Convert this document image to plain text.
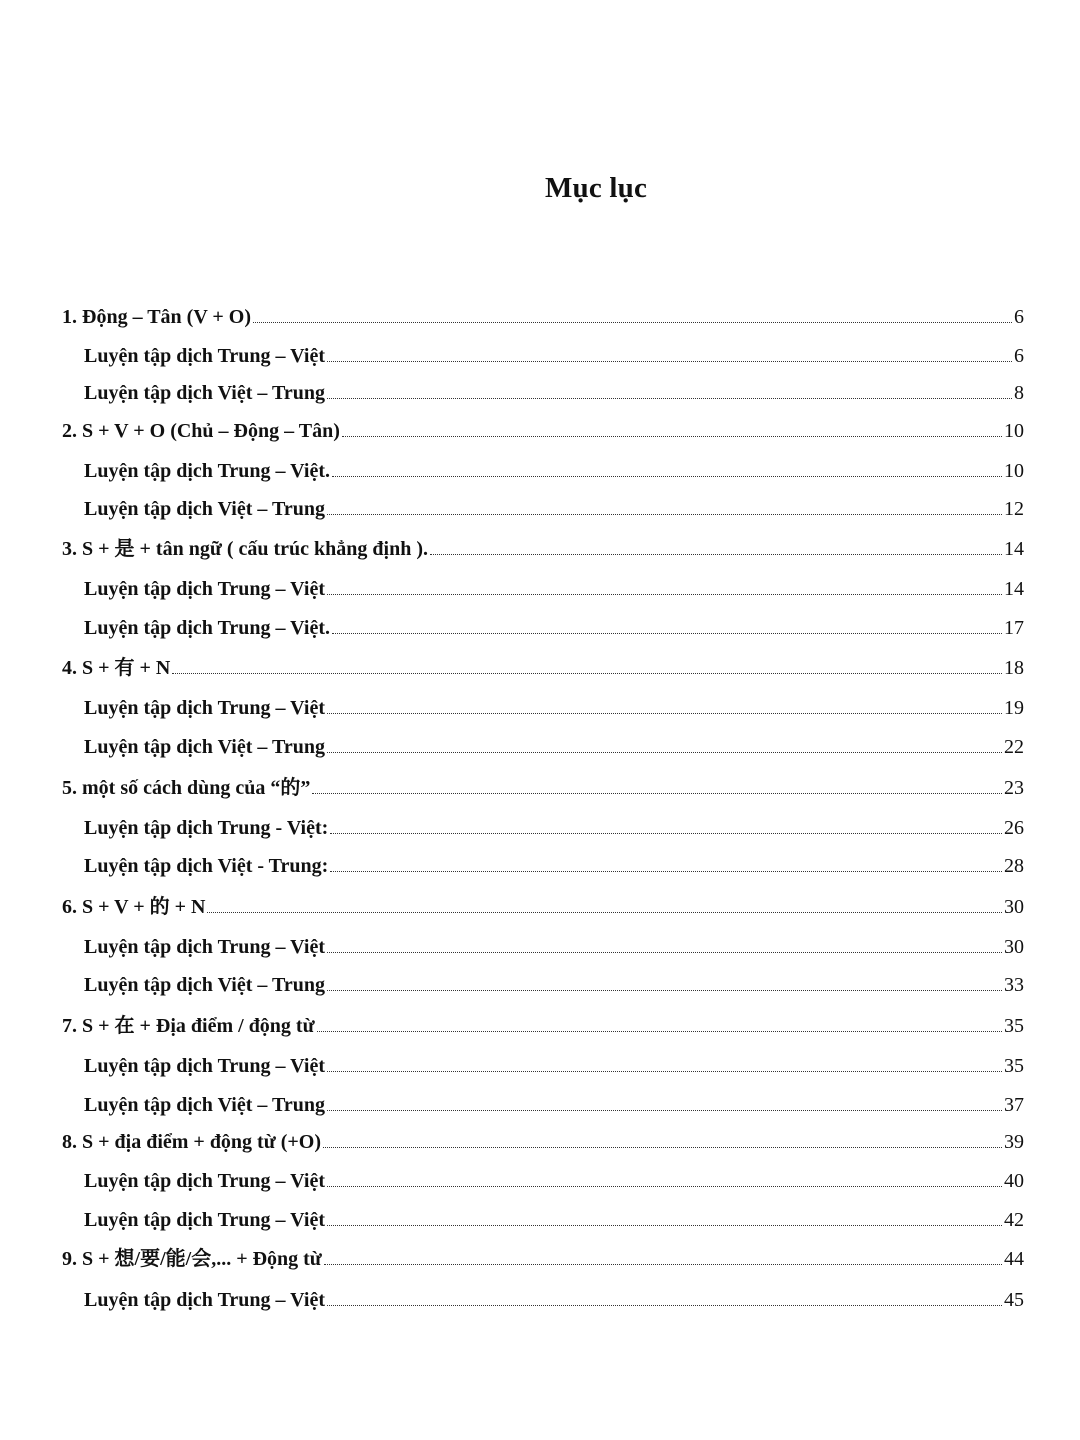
Mục lục
1. Động – Tân (V + O)	6
Luyện tập dịch Trung – Việt	6
Luyện tập dịch Việt – Trung	8
2. S + V + O (Chủ – Động – Tân)	10
Luyện tập dịch Trung – Việt.	10
Luyện tập dịch Việt – Trung	12
3. S + 是 + tân ngữ ( cấu trúc khẳng định ).	14
Luyện tập dịch Trung – Việt	14
Luyện tập dịch Trung – Việt.	17
4. S + 有 + N	18
Luyện tập dịch Trung – Việt	19
Luyện tập dịch Việt – Trung	22
5. một số cách dùng của “的”	23
Luyện tập dịch Trung - Việt:	26
Luyện tập dịch Việt - Trung:	28
6. S + V + 的 + N	30
Luyện tập dịch Trung – Việt	30
Luyện tập dịch Việt – Trung	33
7. S + 在 + Địa điểm / động từ	35
Luyện tập dịch Trung – Việt	35
Luyện tập dịch Việt – Trung	37
8. S + địa điểm + động từ (+O)	39
Luyện tập dịch Trung – Việt	40
Luyện tập dịch Trung – Việt	42
9. S + 想/要/能/会,... + Động từ	44
Luyện tập dịch Trung – Việt	45
